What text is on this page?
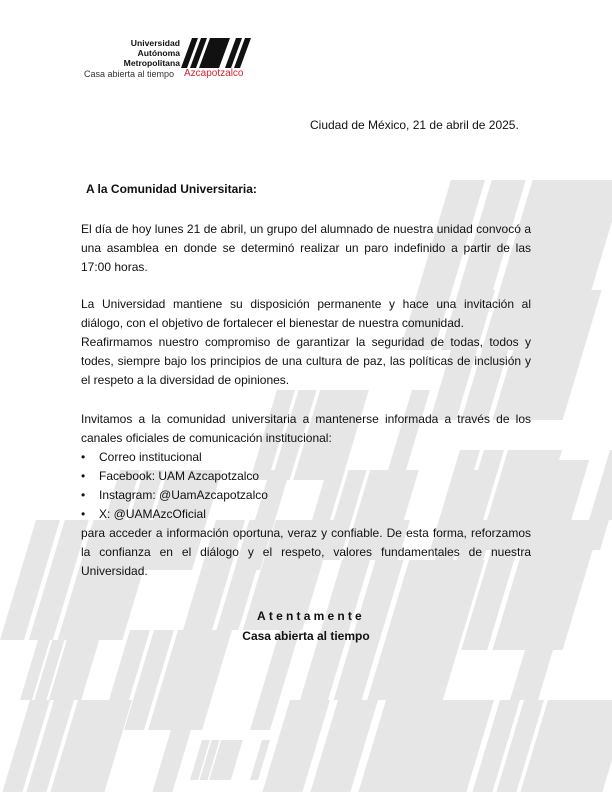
Universidad
Autónoma
Metropolitana
Casa abierta al tiempo Azcapotzalco
Ciudad de México, 21 de abril de 2025.
A la Comunidad Universitaria:
El día de hoy lunes 21 de abril, un grupo del alumnado de nuestra unidad convocó a una asamblea en donde se determinó realizar un paro indefinido a partir de las 17:00 horas.
La Universidad mantiene su disposición permanente y hace una invitación al diálogo, con el objetivo de fortalecer el bienestar de nuestra comunidad.
Reafirmamos nuestro compromiso de garantizar la seguridad de todas, todos y todes, siempre bajo los principios de una cultura de paz, las políticas de inclusión y el respeto a la diversidad de opiniones.
Invitamos a la comunidad universitaria a mantenerse informada a través de los canales oficiales de comunicación institucional:
• Correo institucional
• Facebook: UAM Azcapotzalco
• Instagram: @UamAzcapotzalco
• X: @UAMAzcOficial
para acceder a información oportuna, veraz y confiable. De esta forma, reforzamos la confianza en el diálogo y el respeto, valores fundamentales de nuestra Universidad.
Atentamente
Casa abierta al tiempo
